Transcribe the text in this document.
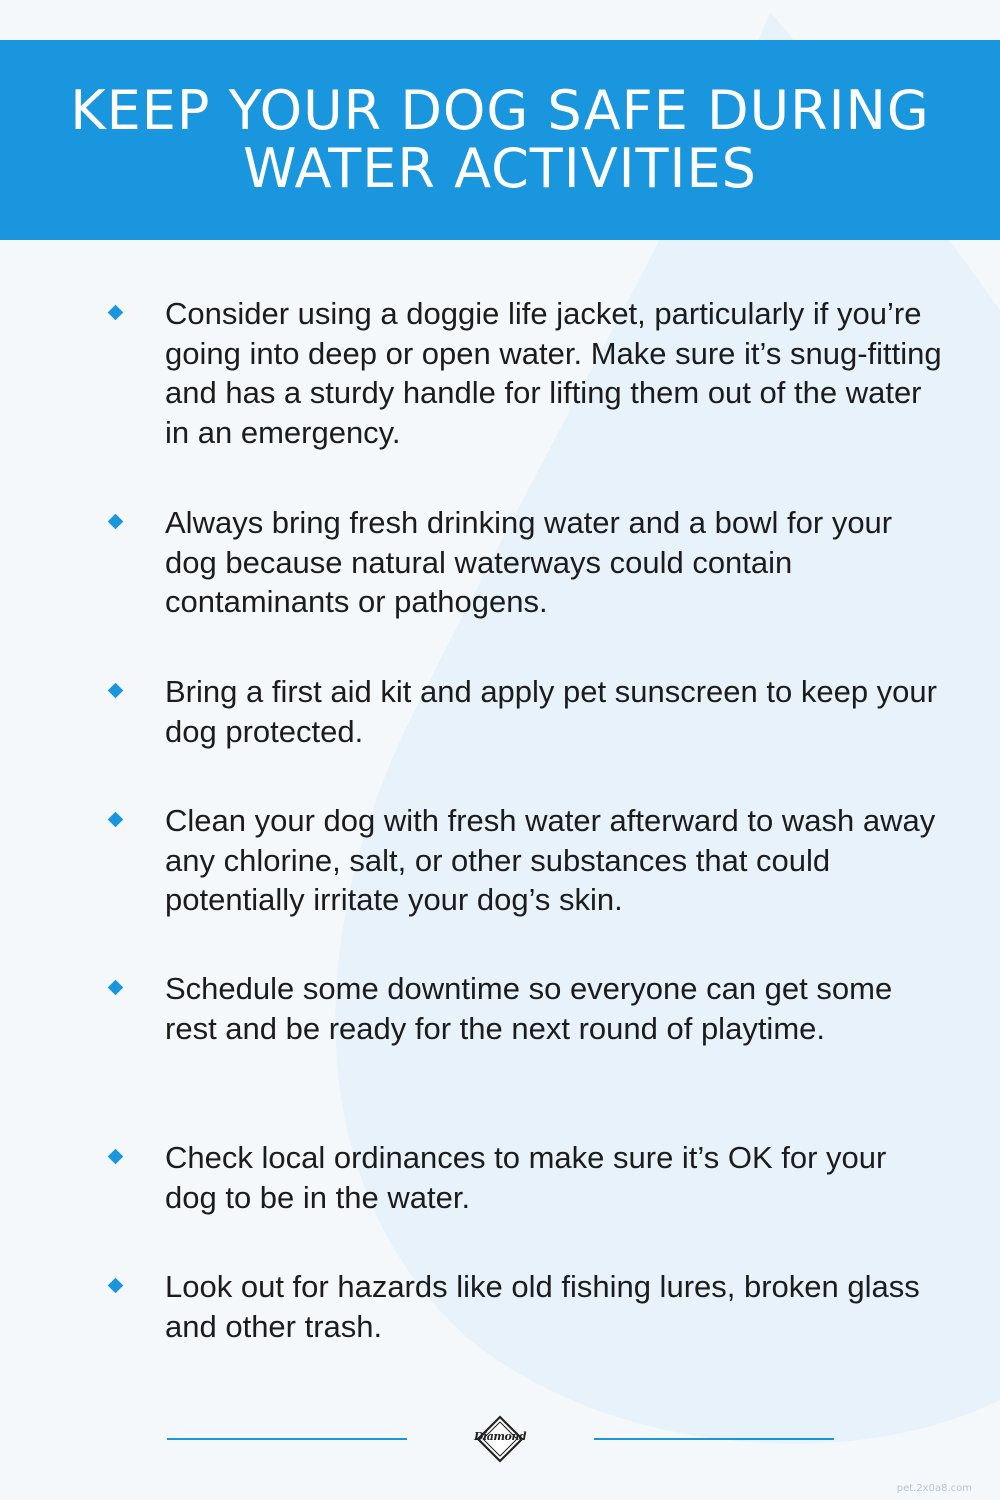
KEEP YOUR DOG SAFE DURING WATER ACTIVITIES

Consider using a doggie life jacket, particularly if you’re going into deep or open water. Make sure it’s snug-fitting and has a sturdy handle for lifting them out of the water in an emergency.

Always bring fresh drinking water and a bowl for your dog because natural waterways could contain contaminants or pathogens.

Bring a first aid kit and apply pet sunscreen to keep your dog protected.

Clean your dog with fresh water afterward to wash away any chlorine, salt, or other substances that could potentially irritate your dog’s skin.

Schedule some downtime so everyone can get some rest and be ready for the next round of playtime.

Check local ordinances to make sure it’s OK for your dog to be in the water.

Look out for hazards like old fishing lures, broken glass and other trash.

Diamond
pet.2x0a8.com
